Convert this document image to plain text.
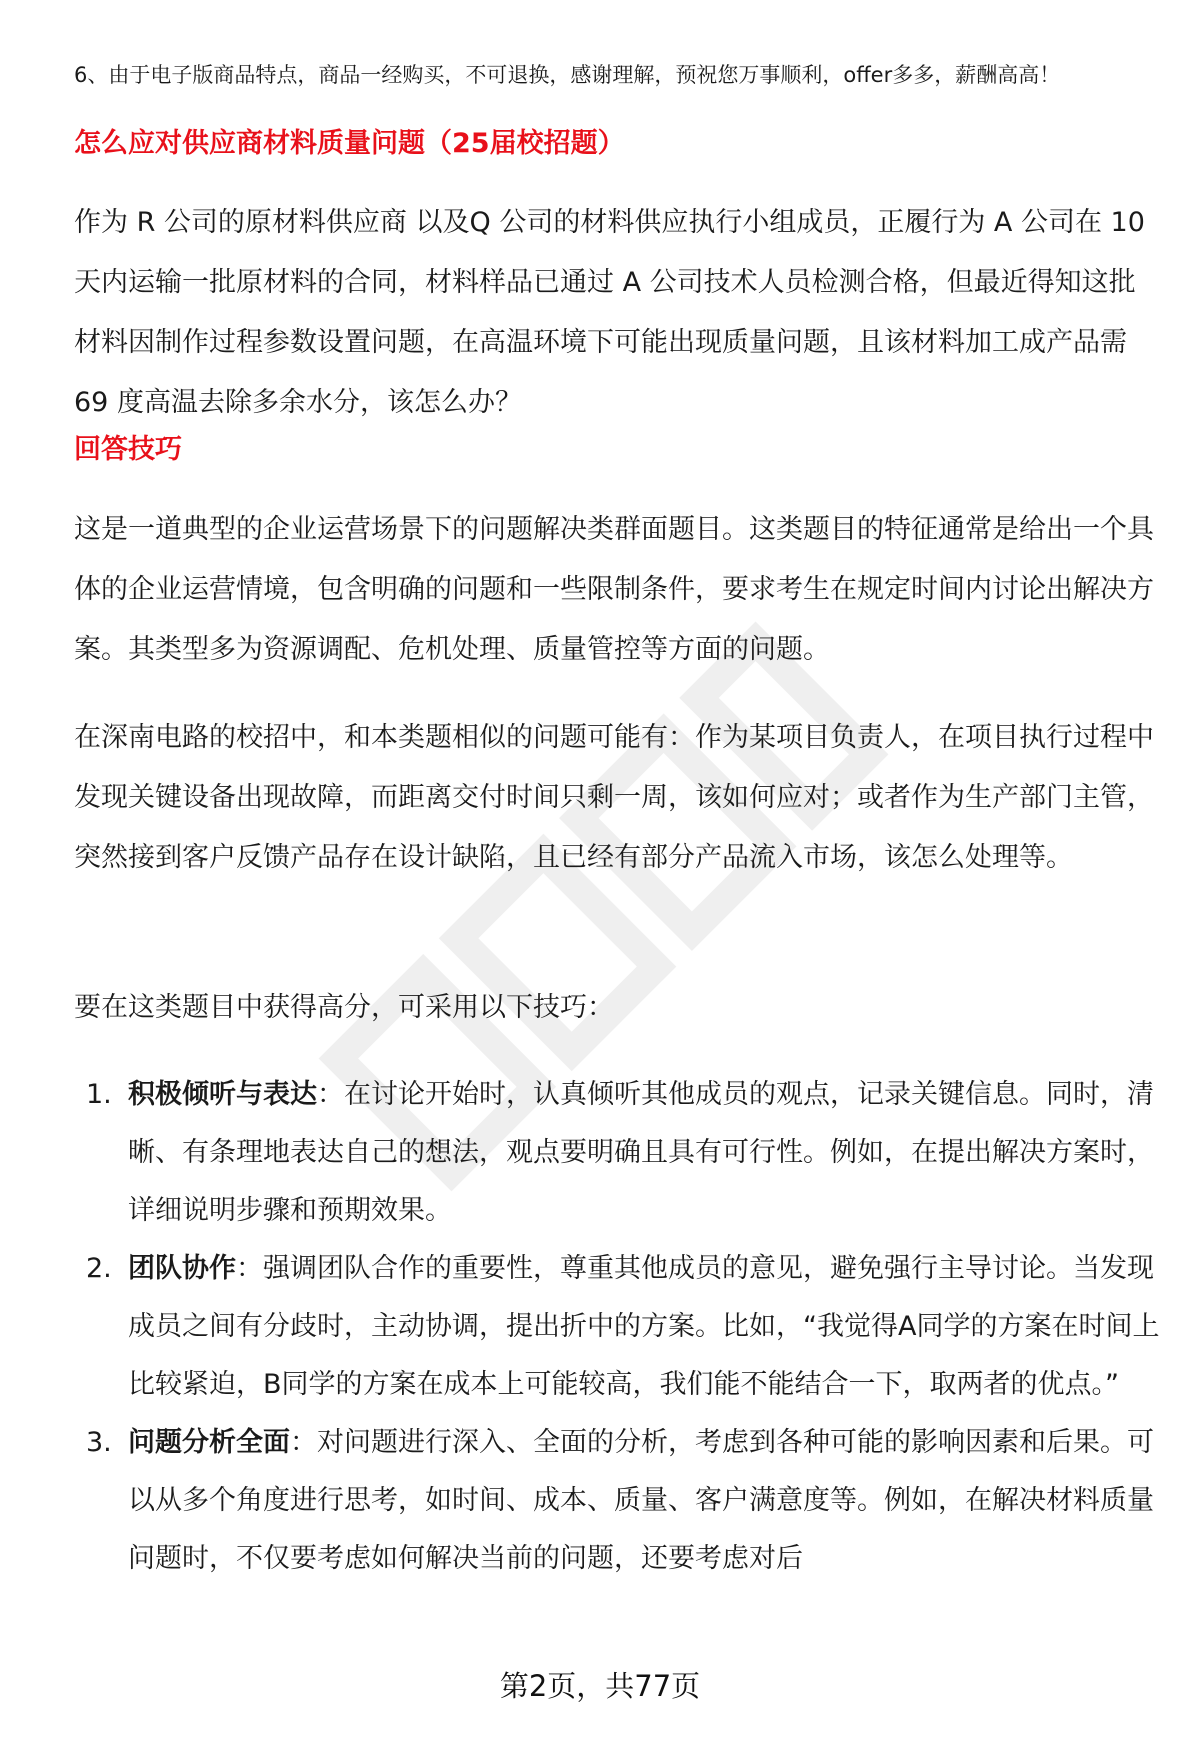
6、由于电子版商品特点，商品一经购买，不可退换，感谢理解，预祝您万事顺利，offer多多，薪酬高高！
怎么应对供应商材料质量问题（25届校招题）

作为 R 公司的原材料供应商 以及Q 公司的材料供应执行小组成员，正履行为 A 公司在 10 天内运输一批原材料的合同，材料样品已通过 A 公司技术人员检测合格，但最近得知这批材料因制作过程参数设置问题，在高温环境下可能出现质量问题，且该材料加工成产品需 69 度高温去除多余水分，该怎么办？

回答技巧

这是一道典型的企业运营场景下的问题解决类群面题目。这类题目的特征通常是给出一个具体的企业运营情境，包含明确的问题和一些限制条件，要求考生在规定时间内讨论出解决方案。其类型多为资源调配、危机处理、质量管控等方面的问题。

在深南电路的校招中，和本类题相似的问题可能有：作为某项目负责人，在项目执行过程中发现关键设备出现故障，而距离交付时间只剩一周，该如何应对；或者作为生产部门主管，突然接到客户反馈产品存在设计缺陷，且已经有部分产品流入市场，该怎么处理等。

要在这类题目中获得高分，可采用以下技巧：

1. 积极倾听与表达：在讨论开始时，认真倾听其他成员的观点，记录关键信息。同时，清晰、有条理地表达自己的想法，观点要明确且具有可行性。例如，在提出解决方案时，详细说明步骤和预期效果。
2. 团队协作：强调团队合作的重要性，尊重其他成员的意见，避免强行主导讨论。当发现成员之间有分歧时，主动协调，提出折中的方案。比如，“我觉得A同学的方案在时间上比较紧迫，B同学的方案在成本上可能较高，我们能不能结合一下，取两者的优点。”
3. 问题分析全面：对问题进行深入、全面的分析，考虑到各种可能的影响因素和后果。可以从多个角度进行思考，如时间、成本、质量、客户满意度等。例如，在解决材料质量问题时，不仅要考虑如何解决当前的问题，还要考虑对后
第2页，共77页
